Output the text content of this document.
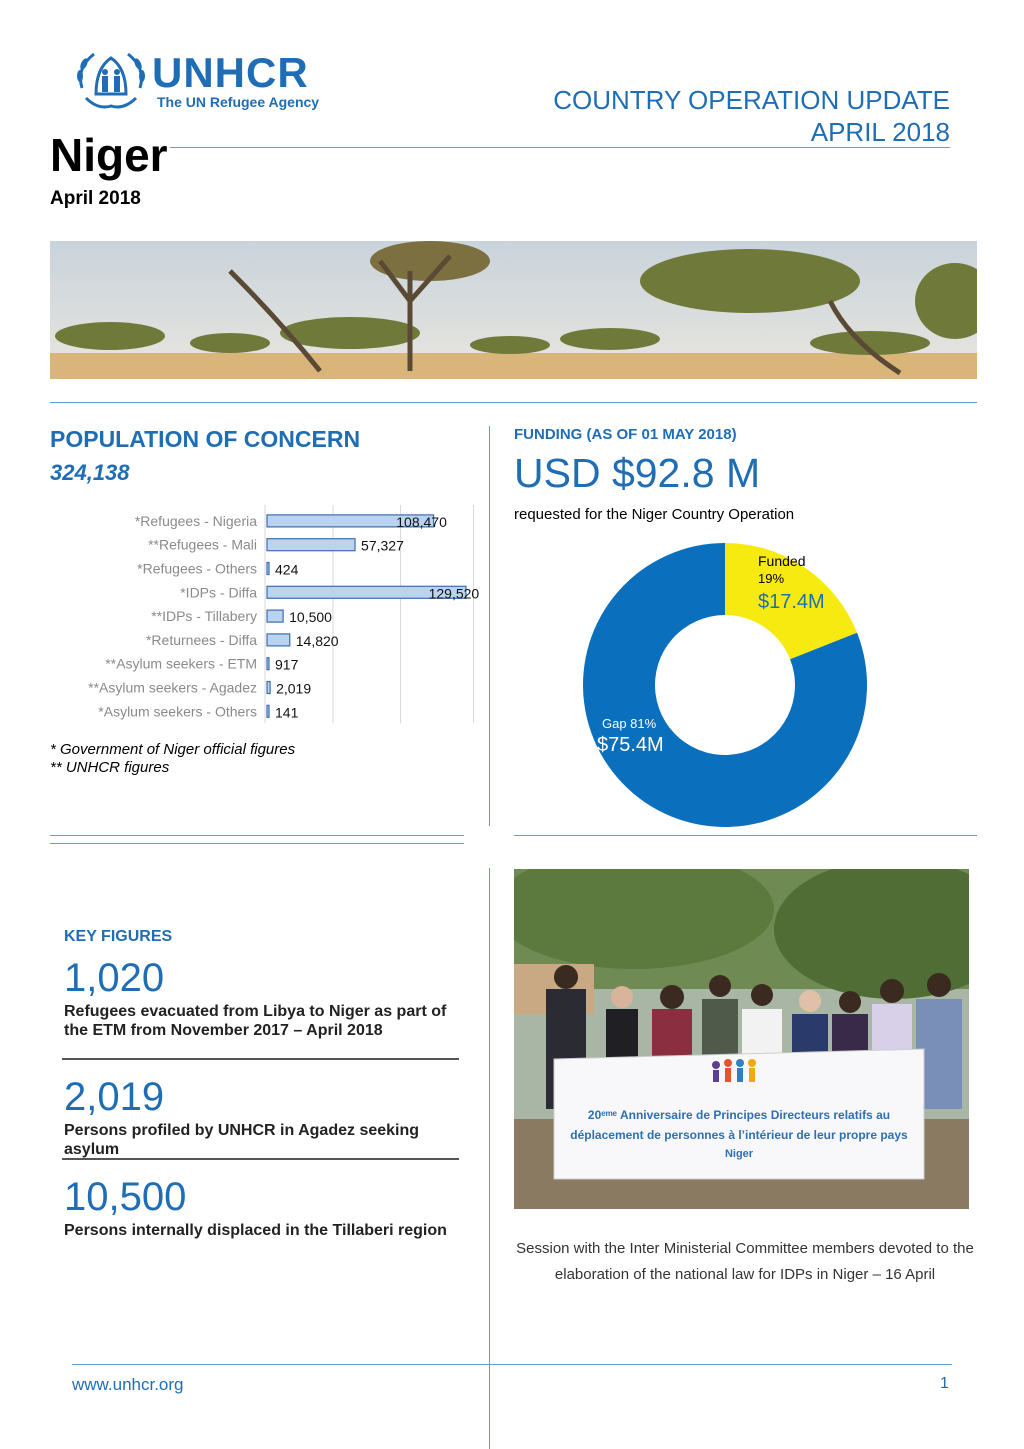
UNHCR
The UN Refugee Agency	COUNTRY OPERATION UPDATE
APRIL 2018
Niger
April 2018
POPULATION OF CONCERN
324,138
*Refugees - Nigeria	108,470
**Refugees - Mali	57,327
*Refugees - Others 424
*IDPs - Diffa	129,520
**IDPs - Tillabery 10,500
*Returnees - Diffa	14,820
**Asylum seekers - ETM 917
**Asylum seekers - Agadez 2,019
*Asylum seekers - Others 141
* Government of Niger official figures
** UNHCR figures
FUNDING (AS OF 01 MAY 2018)
USD $92.8 M
requested for the Niger Country Operation
Funded
19%
$17.4M
Gap 81%
$75.4M
KEY FIGURES
1,020
Refugees evacuated from Libya to Niger as part of the ETM from November 2017 – April 2018
2,019
Persons profiled by UNHCR in Agadez seeking asylum
10,500
Persons internally displaced in the Tillaberi region
20ᵉᵐᵉ Anniversaire de Principes Directeurs relatifs au
déplacement de personnes à l’intérieur de leur propre pays
Niger
Session with the Inter Ministerial Committee members devoted to the elaboration of the national law for IDPs in Niger – 16 April
www.unhcr.org	1
